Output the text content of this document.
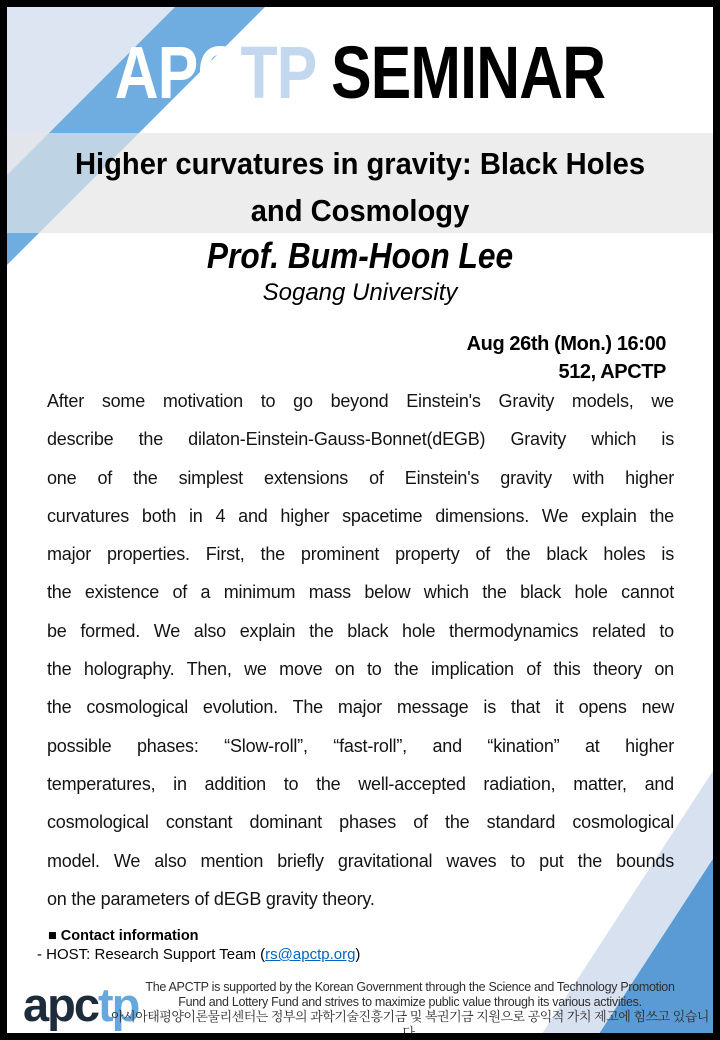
APCTP SEMINAR
Higher curvatures in gravity: Black Holes
and Cosmology
Prof. Bum-Hoon Lee
Sogang University
Aug 26th (Mon.) 16:00
512, APCTP
After some motivation to go beyond Einstein's Gravity models, we
describe the dilaton-Einstein-Gauss-Bonnet(dEGB) Gravity which is
one of the simplest extensions of Einstein's gravity with higher
curvatures both in 4 and higher spacetime dimensions. We explain the
major properties. First, the prominent property of the black holes is
the existence of a minimum mass below which the black hole cannot
be formed. We also explain the black hole thermodynamics related to
the holography. Then, we move on to the implication of this theory on
the cosmological evolution. The major message is that it opens new
possible phases: “Slow-roll”, “fast-roll”, and “kination” at higher
temperatures, in addition to the well-accepted radiation, matter, and
cosmological constant dominant phases of the standard cosmological
model. We also mention briefly gravitational waves to put the bounds
on the parameters of dEGB gravity theory.
■ Contact information
- HOST: Research Support Team (rs@apctp.org)
apctp The APCTP is supported by the Korean Government through the Science and Technology Promotion
Fund and Lottery Fund and strives to maximize public value through its various activities.
아시아태평양이론물리센터는 정부의 과학기술진흥기금 및 복권기금 지원으로 공익적 가치 제고에 힘쓰고 있습니다.
